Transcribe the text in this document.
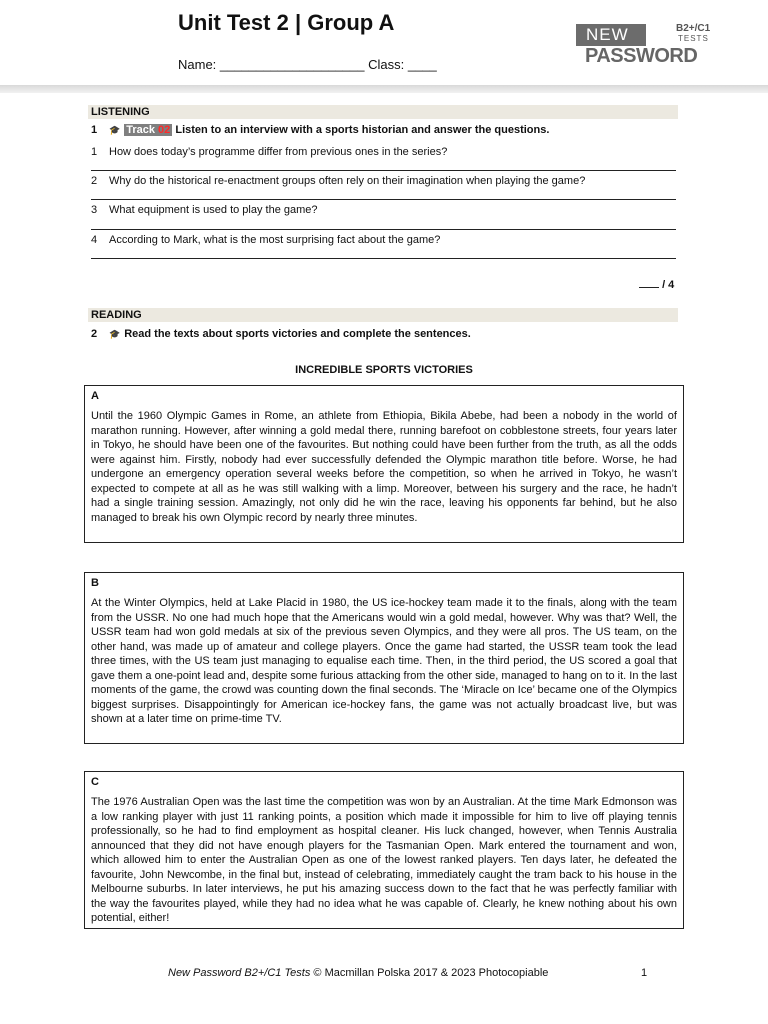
Unit Test 2 | Group A
Name: ____________________ Class: ____
NEW	B2+/C1
TESTS
PASSWORD
LISTENING
1 🎓 Track 02 Listen to an interview with a sports historian and answer the questions.
1 How does today’s programme differ from previous ones in the series?
2 Why do the historical re-enactment groups often rely on their imagination when playing the game?
3 What equipment is used to play the game?
4 According to Mark, what is the most surprising fact about the game?
/ 4
READING
2 🎓 Read the texts about sports victories and complete the sentences.
INCREDIBLE SPORTS VICTORIES
A

Until the 1960 Olympic Games in Rome, an athlete from Ethiopia, Bikila Abebe, had been a nobody in the world of marathon running. However, after winning a gold medal there, running barefoot on cobblestone streets, four years later in Tokyo, he should have been one of the favourites. But nothing could have been further from the truth, as all the odds were against him. Firstly, nobody had ever successfully defended the Olympic marathon title before. Worse, he had undergone an emergency operation several weeks before the competition, so when he arrived in Tokyo, he wasn’t expected to compete at all as he was still walking with a limp. Moreover, between his surgery and the race, he hadn’t had a single training session. Amazingly, not only did he win the race, leaving his opponents far behind, but he also managed to break his own Olympic record by nearly three minutes.

B

At the Winter Olympics, held at Lake Placid in 1980, the US ice-hockey team made it to the finals, along with the team from the USSR. No one had much hope that the Americans would win a gold medal, however. Why was that? Well, the USSR team had won gold medals at six of the previous seven Olympics, and they were all pros. The US team, on the other hand, was made up of amateur and college players. Once the game had started, the USSR team took the lead three times, with the US team just managing to equalise each time. Then, in the third period, the US scored a goal that gave them a one-point lead and, despite some furious attacking from the other side, managed to hang on to it. In the last moments of the game, the crowd was counting down the final seconds. The ‘Miracle on Ice’ became one of the Olympics biggest surprises. Disappointingly for American ice-hockey fans, the game was not actually broadcast live, but was shown at a later time on prime-time TV.

C

The 1976 Australian Open was the last time the competition was won by an Australian. At the time Mark Edmonson was a low ranking player with just 11 ranking points, a position which made it impossible for him to live off playing tennis professionally, so he had to find employment as hospital cleaner. His luck changed, however, when Tennis Australia announced that they did not have enough players for the Tasmanian Open. Mark entered the tournament and won, which allowed him to enter the Australian Open as one of the lowest ranked players. Ten days later, he defeated the favourite, John Newcombe, in the final but, instead of celebrating, immediately caught the tram back to his house in the Melbourne suburbs. In later interviews, he put his amazing success down to the fact that he was perfectly familiar with the way the favourites played, while they had no idea what he was capable of. Clearly, he knew nothing about his own potential, either!

New Password B2+/C1 Tests © Macmillan Polska 2017 & 2023 Photocopiable	1
